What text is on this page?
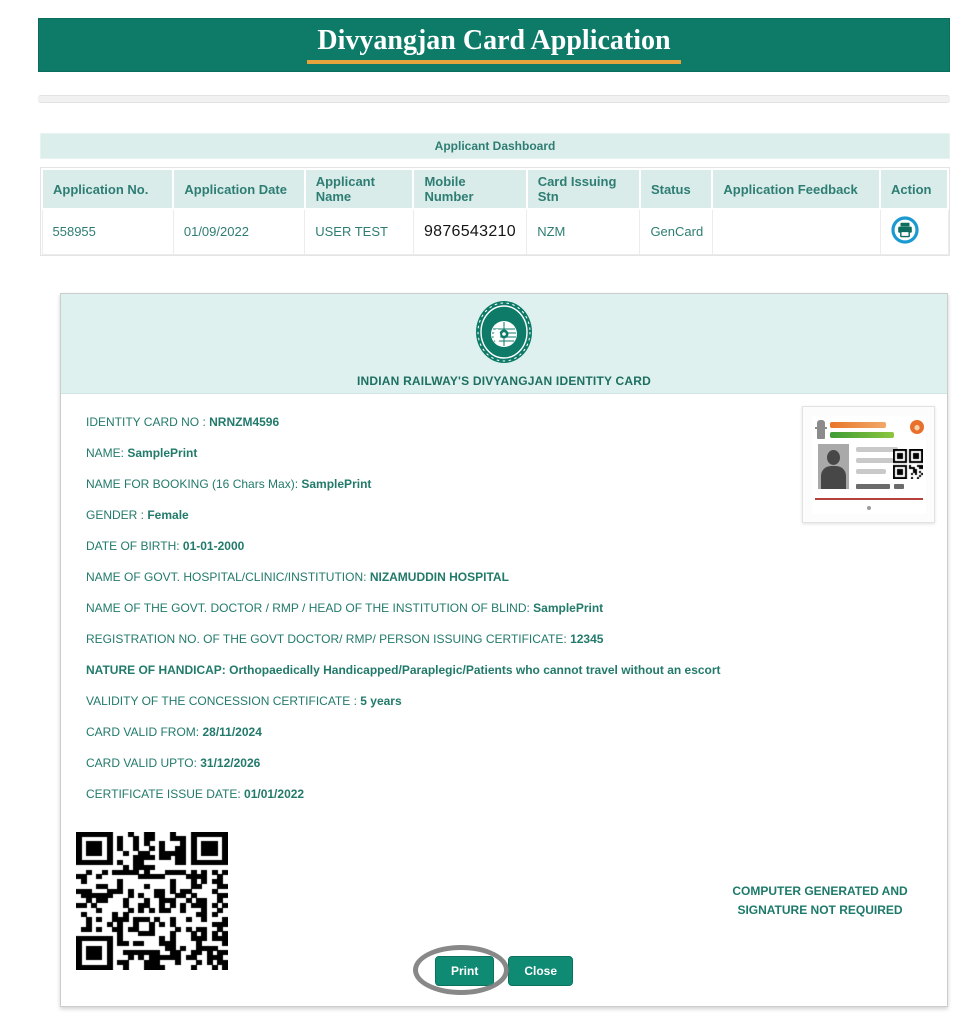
Divyangjan Card Application
Applicant Dashboard
Application No.	Application Date	Applicant Name	Mobile Number	Card Issuing Stn	Status	Application Feedback	Action
558955	01/09/2022	USER TEST	9876543210	NZM	GenCard		
INDIAN RAILWAY'S DIVYANGJAN IDENTITY CARD
IDENTITY CARD NO : NRNZM4596
NAME: SamplePrint
NAME FOR BOOKING (16 Chars Max): SamplePrint
GENDER : Female
DATE OF BIRTH: 01-01-2000
NAME OF GOVT. HOSPITAL/CLINIC/INSTITUTION: NIZAMUDDIN HOSPITAL
NAME OF THE GOVT. DOCTOR / RMP / HEAD OF THE INSTITUTION OF BLIND: SamplePrint
REGISTRATION NO. OF THE GOVT DOCTOR/ RMP/ PERSON ISSUING CERTIFICATE: 12345
NATURE OF HANDICAP: Orthopaedically Handicapped/Paraplegic/Patients who cannot travel without an escort
VALIDITY OF THE CONCESSION CERTIFICATE : 5 years
CARD VALID FROM: 28/11/2024
CARD VALID UPTO: 31/12/2026
CERTIFICATE ISSUE DATE: 01/01/2022
COMPUTER GENERATED AND
SIGNATURE NOT REQUIRED
Print	Close
